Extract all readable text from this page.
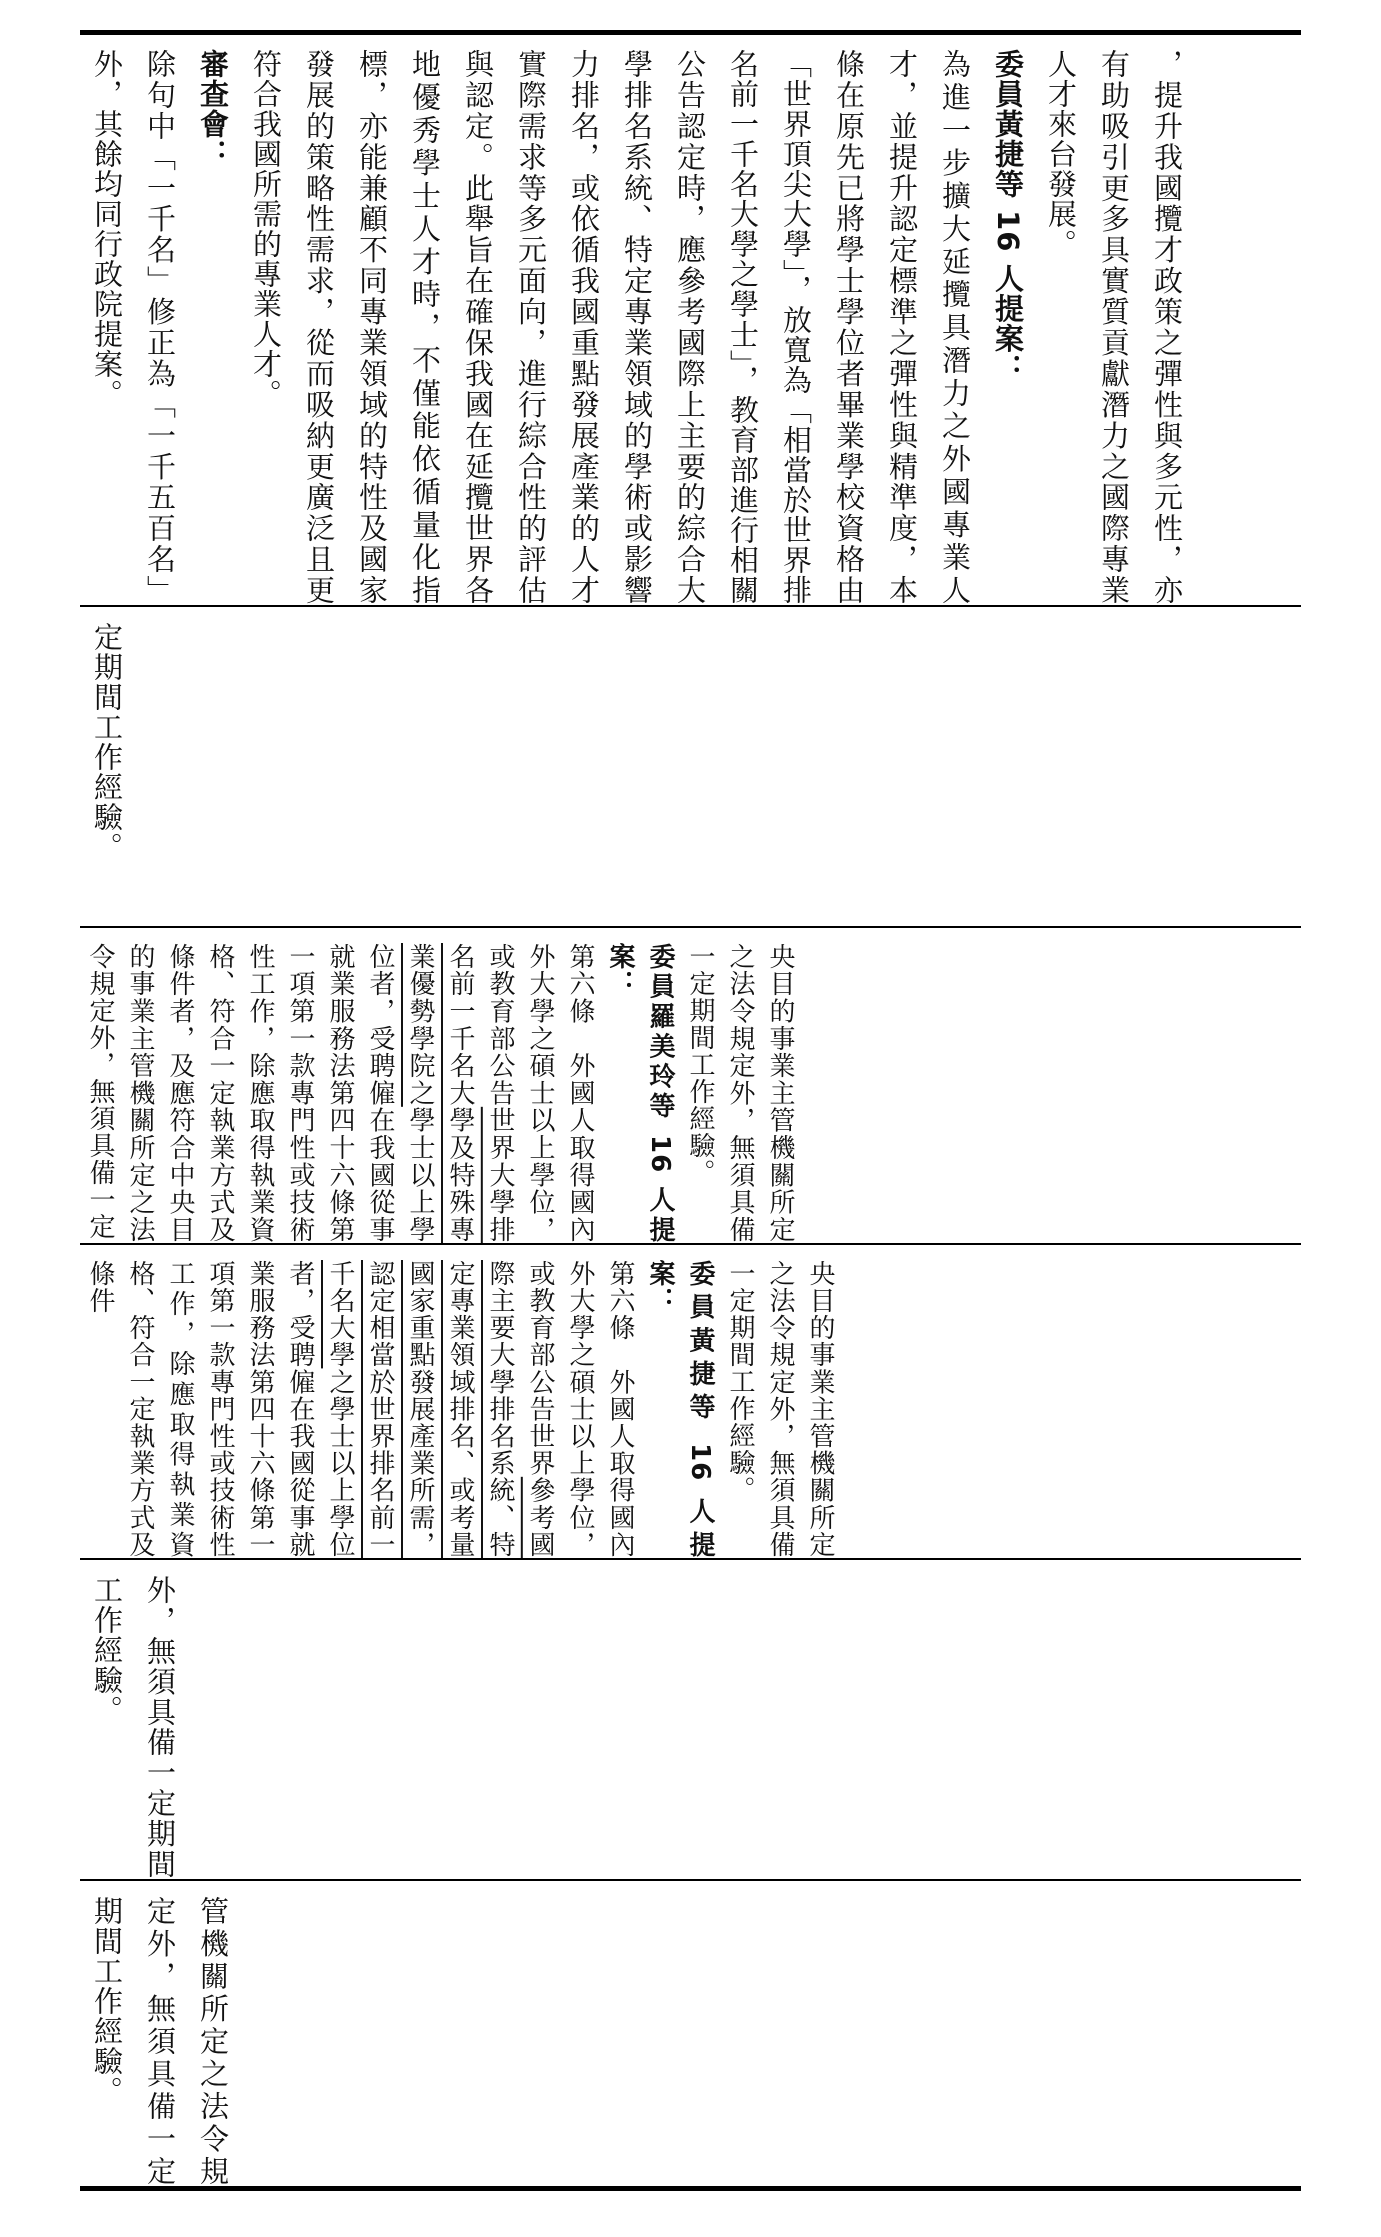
，提升我國攬才政策之彈性與多元性，亦有助吸引更多具實質貢獻潛力之國際專業人才來台發展。

委員黃捷等 16 人提案：

為進一步擴大延攬具潛力之外國專業人才，並提升認定標準之彈性與精準度，本條在原先已將學士學位者畢業學校資格由「世界頂尖大學」，放寬為「相當於世界排名前一千名大學之學士」，教育部進行相關公告認定時，應參考國際上主要的綜合大學排名系統、特定專業領域的學術或影響力排名，或依循我國重點發展產業的人才實際需求等多元面向，進行綜合性的評估與認定。此舉旨在確保我國在延攬世界各地優秀學士人才時，不僅能依循量化指標，亦能兼顧不同專業領域的特性及國家發展的策略性需求，從而吸納更廣泛且更符合我國所需的專業人才。

審查會：

除句中「一千名」修正為「一千五百名」外，其餘均同行政院提案。

定期間工作經驗。

央目的事業主管機關所定之法令規定外，無須具備一定期間工作經驗。

委員羅美玲等 16 人提案：

第六條　外國人取得國內外大學之碩士以上學位，或教育部公告世界大學排名前一千名大學及特殊專業優勢學院之學士以上學位者，受聘僱在我國從事就業服務法第四十六條第一項第一款專門性或技術性工作，除應取得執業資格、符合一定執業方式及條件者，及應符合中央目的事業主管機關所定之法令規定外，無須具備一定

央目的事業主管機關所定之法令規定外，無須具備一定期間工作經驗。

委員黃捷等 16 人提案：

第六條　外國人取得國內外大學之碩士以上學位，或教育部公告世界參考國際主要大學排名系統、特定專業領域排名、或考量國家重點發展產業所需，認定相當於世界排名前一千名大學之學士以上學位者，受聘僱在我國從事就業服務法第四十六條第一項第一款專門性或技術性工作，除應取得執業資格、符合一定執業方式及條件

外，無須具備一定期間工作經驗。

管機關所定之法令規定外，無須具備一定期間工作經驗。
